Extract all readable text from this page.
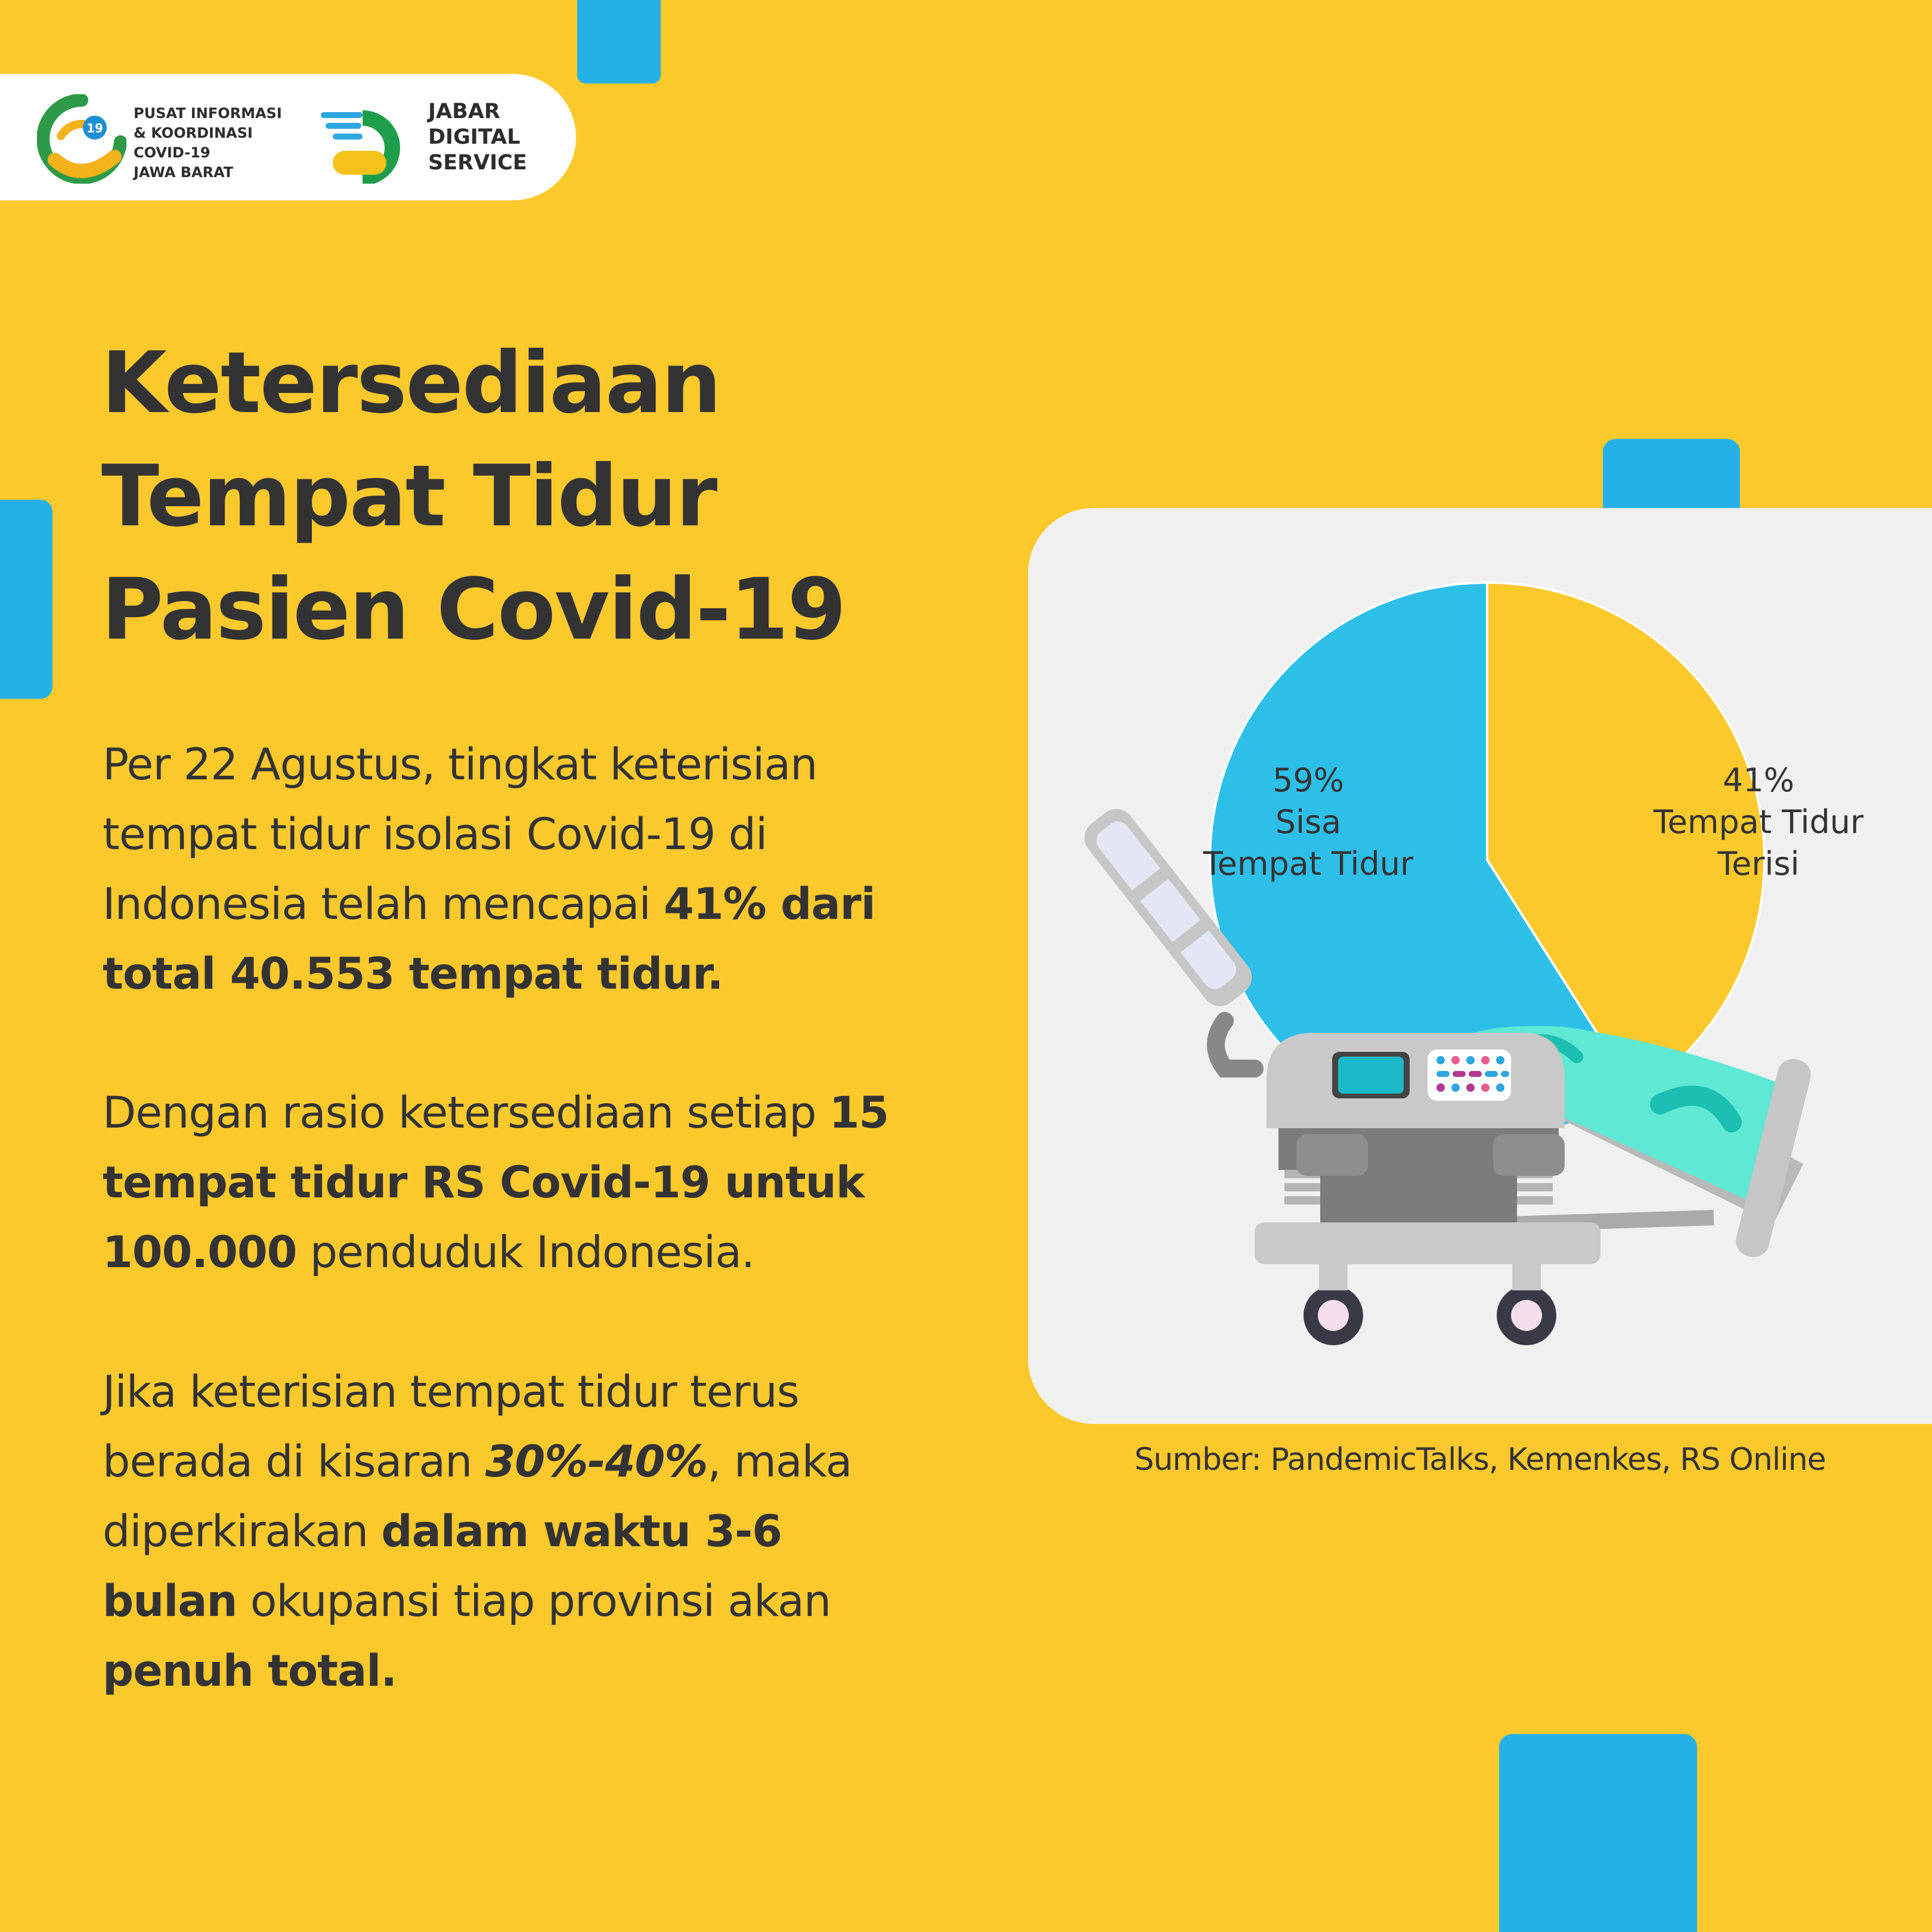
19
PUSAT INFORMASI
& KOORDINASI
COVID-19
JAWA BARAT
JABAR
DIGITAL
SERVICE
Ketersediaan
Tempat Tidur
Pasien Covid-19

Per 22 Agustus, tingkat keterisian
tempat tidur isolasi Covid-19 di
Indonesia telah mencapai 41% dari
total 40.553 tempat tidur.

Dengan rasio ketersediaan setiap 15
tempat tidur RS Covid-19 untuk
100.000 penduduk Indonesia.

Jika keterisian tempat tidur terus
berada di kisaran 30%-40%, maka
diperkirakan dalam waktu 3-6
bulan okupansi tiap provinsi akan
penuh total.

59%
Sisa
Tempat Tidur
41%
Tempat Tidur
Terisi
Sumber: PandemicTalks, Kemenkes, RS Online
